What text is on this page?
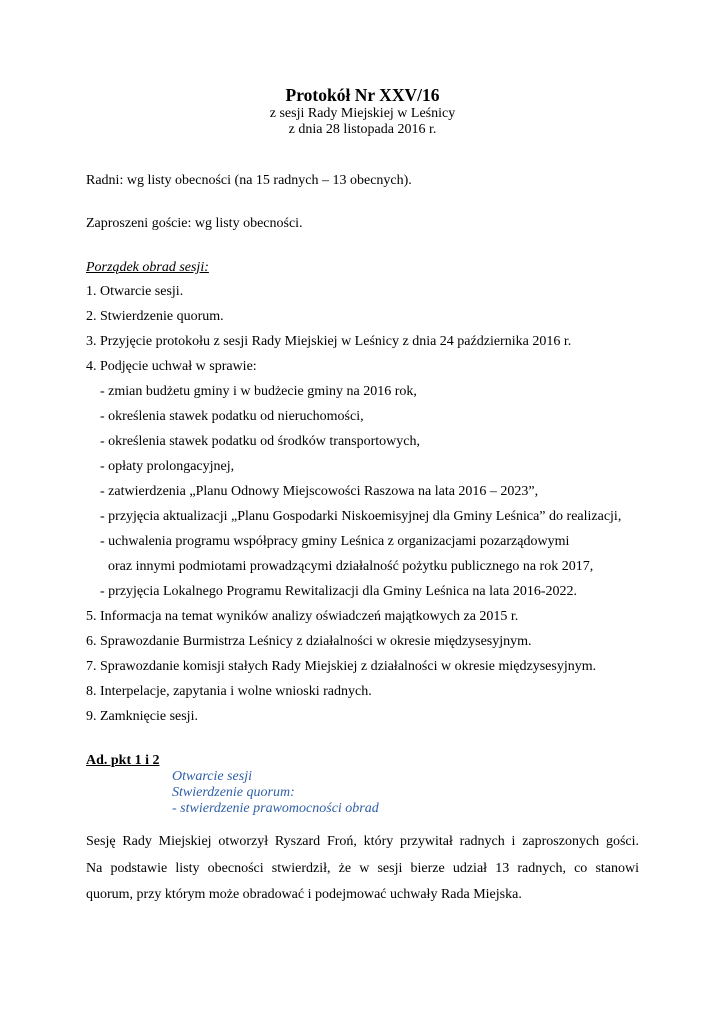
Protokół Nr XXV/16
z sesji Rady Miejskiej w Leśnicy
z dnia 28 listopada 2016 r.
Radni: wg listy obecności (na 15 radnych – 13 obecnych).
Zaproszeni goście: wg listy obecności.
Porządek obrad sesji:
1. Otwarcie sesji.
2. Stwierdzenie quorum.
3. Przyjęcie protokołu z sesji Rady Miejskiej w Leśnicy z dnia 24 października 2016 r.
4. Podjęcie uchwał w sprawie:
- zmian budżetu gminy i w budżecie gminy na 2016 rok,
- określenia stawek podatku od nieruchomości,
- określenia stawek podatku od środków transportowych,
- opłaty prolongacyjnej,
- zatwierdzenia „Planu Odnowy Miejscowości Raszowa na lata 2016 – 2023”,
- przyjęcia aktualizacji „Planu Gospodarki Niskoemisyjnej dla Gminy Leśnica” do realizacji,
- uchwalenia programu współpracy gminy Leśnica z organizacjami pozarządowymi
oraz innymi podmiotami prowadzącymi działalność pożytku publicznego na rok 2017,
- przyjęcia Lokalnego Programu Rewitalizacji dla Gminy Leśnica na lata 2016-2022.
5. Informacja na temat wyników analizy oświadczeń majątkowych za 2015 r.
6. Sprawozdanie Burmistrza Leśnicy z działalności w okresie międzysesyjnym.
7. Sprawozdanie komisji stałych Rady Miejskiej z działalności w okresie międzysesyjnym.
8. Interpelacje, zapytania i wolne wnioski radnych.
9. Zamknięcie sesji.
Ad. pkt 1 i 2
Otwarcie sesji
Stwierdzenie quorum:
- stwierdzenie prawomocności obrad
Sesję Rady Miejskiej otworzył Ryszard Froń, który przywitał radnych i zaproszonych gości.
Na podstawie listy obecności stwierdził, że w sesji bierze udział 13 radnych, co stanowi
quorum, przy którym może obradować i podejmować uchwały Rada Miejska.
